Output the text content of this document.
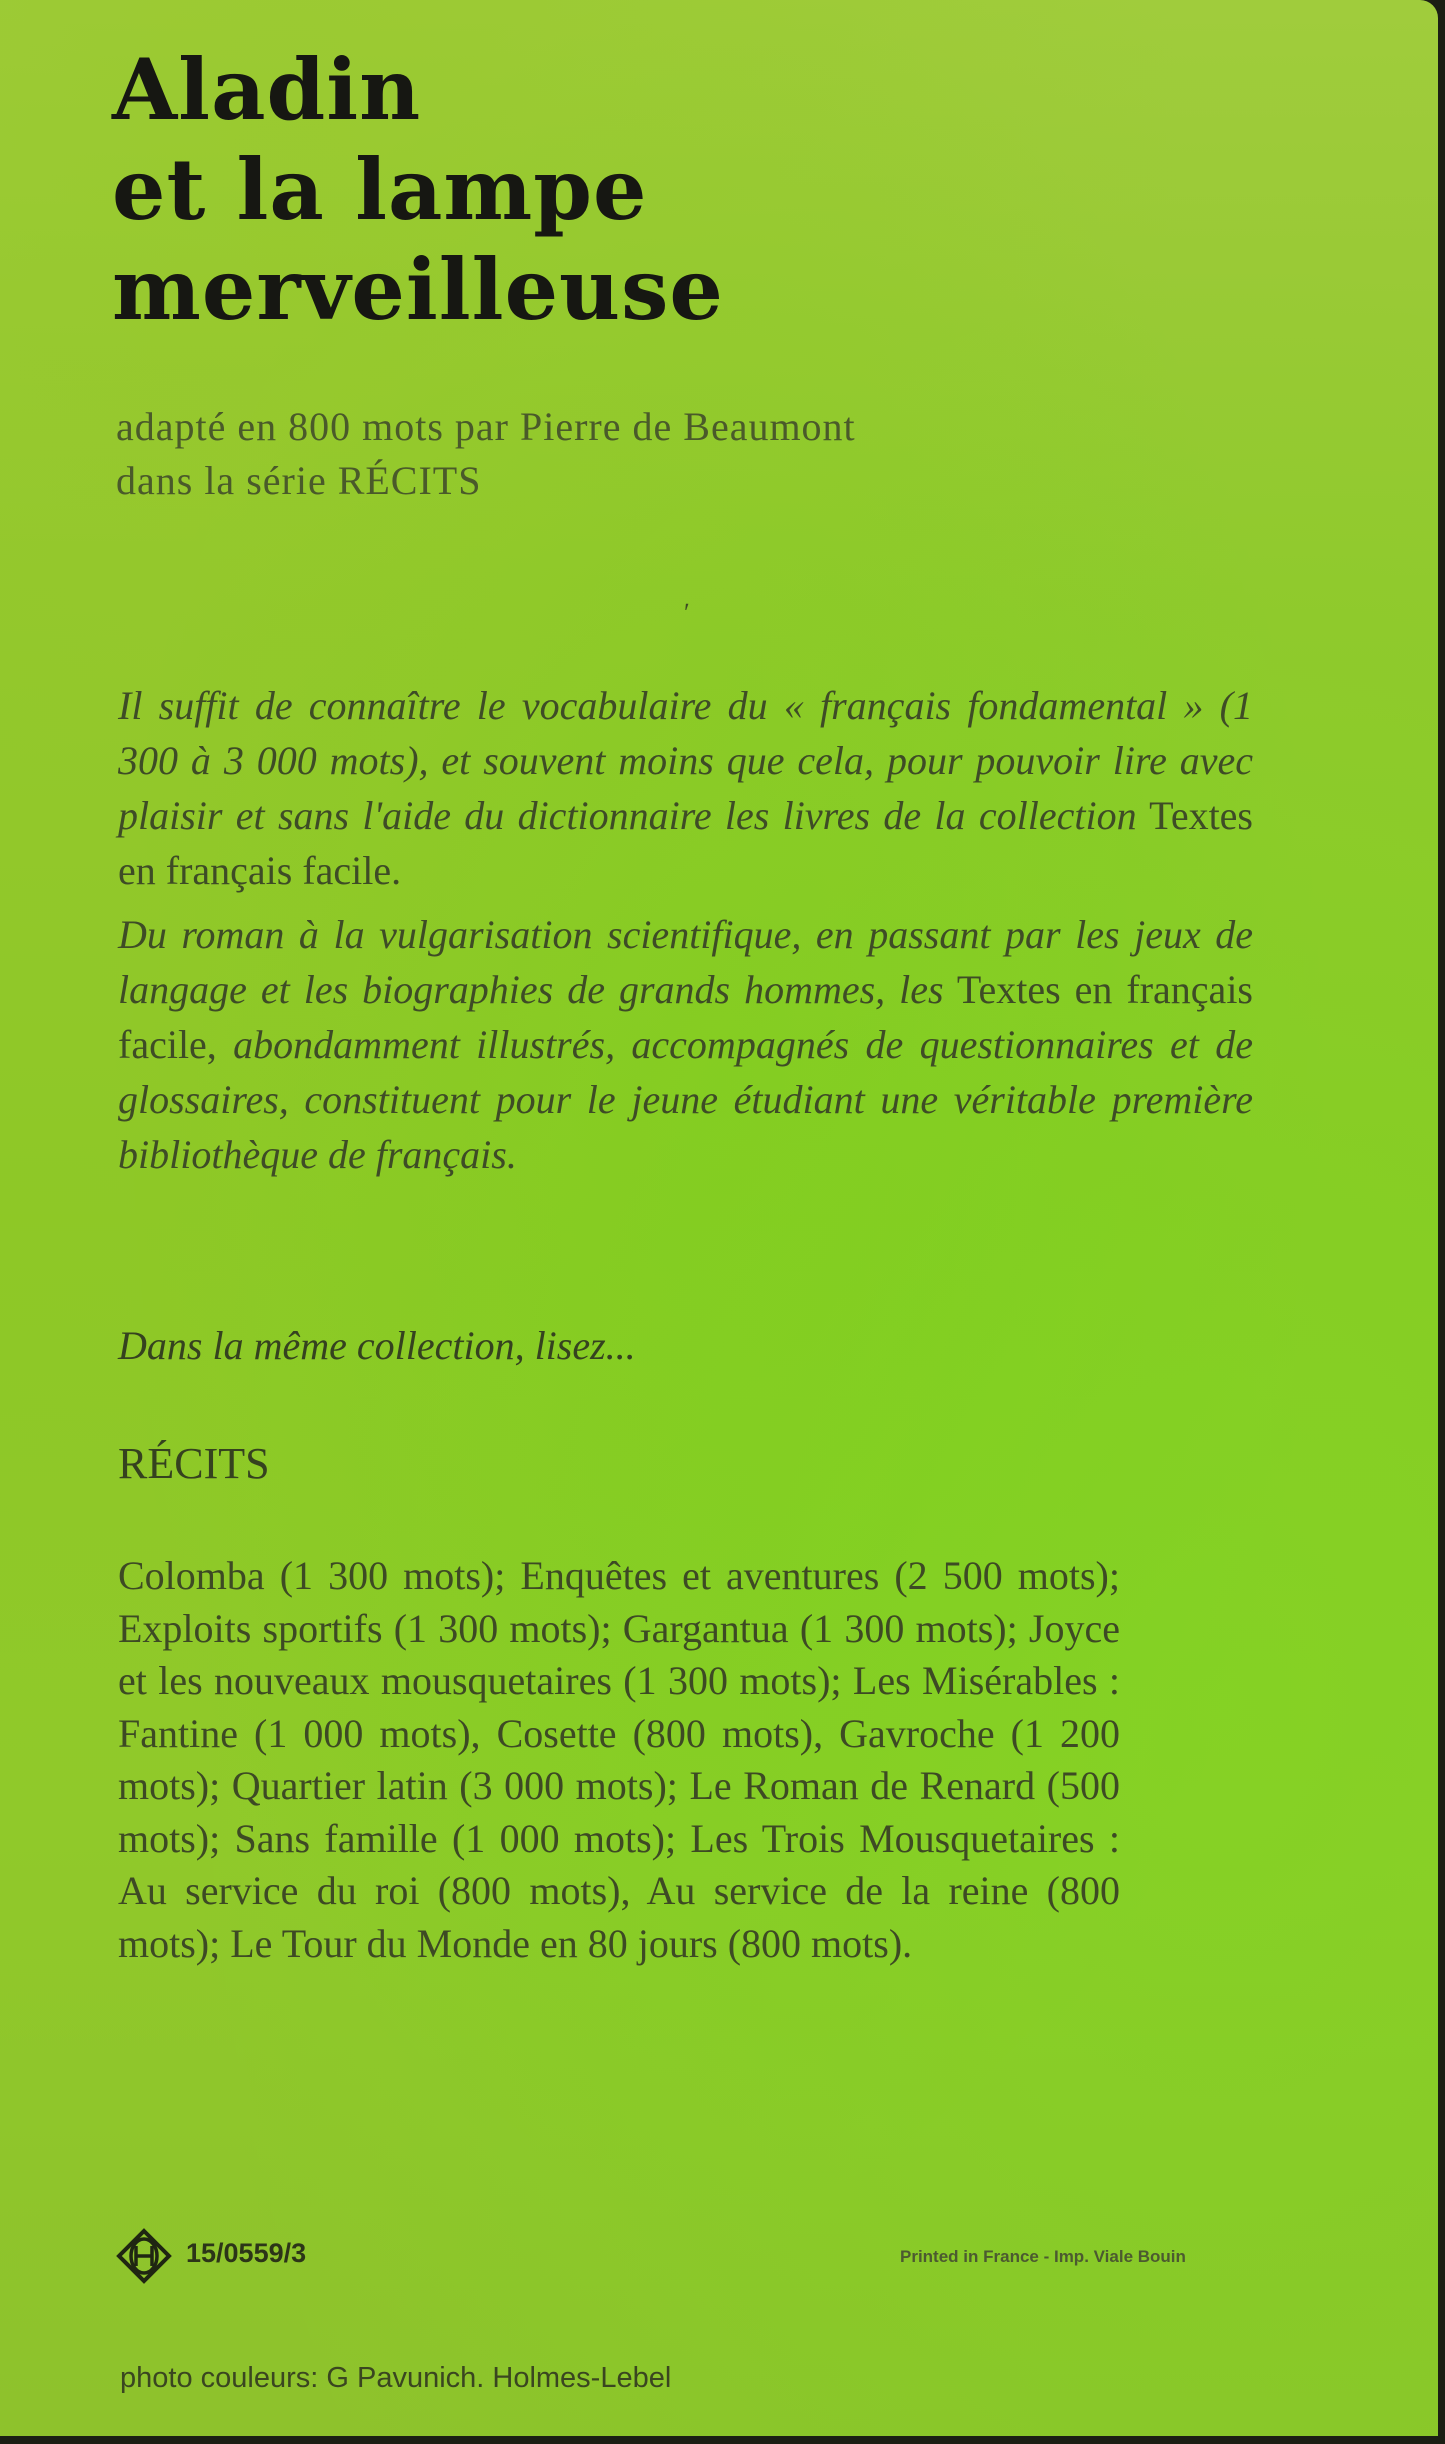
Aladin
et la lampe
merveilleuse
adapté en 800 mots par Pierre de Beaumont
dans la série RÉCITS
ʹ

Il suffit de connaître le vocabulaire du « français fondamental » (1 300 à 3 000 mots), et souvent moins que cela, pour pouvoir lire avec plaisir et sans l'aide du dictionnaire les livres de la collection Textes en français facile.

Du roman à la vulgarisation scientifique, en passant par les jeux de langage et les biographies de grands hommes, les Textes en français facile, abondamment illustrés, accompagnés de questionnaires et de glossaires, constituent pour le jeune étudiant une véritable première bibliothèque de français.

Dans la même collection, lisez...
RÉCITS

Colomba (1 300 mots); Enquêtes et aventures (2 500 mots); Exploits sportifs (1 300 mots); Gargantua (1 300 mots); Joyce et les nouveaux mousquetaires (1 300 mots); Les Misérables : Fantine (1 000 mots), Cosette (800 mots), Gavroche (1 200 mots); Quartier latin (3 000 mots); Le Roman de Renard (500 mots); Sans famille (1 000 mots); Les Trois Mousquetaires : Au service du roi (800 mots), Au service de la reine (800 mots); Le Tour du Monde en 80 jours (800 mots).

15/0559/3	Printed in France - Imp. Viale Bouin
photo couleurs: G Pavunich. Holmes-Lebel
